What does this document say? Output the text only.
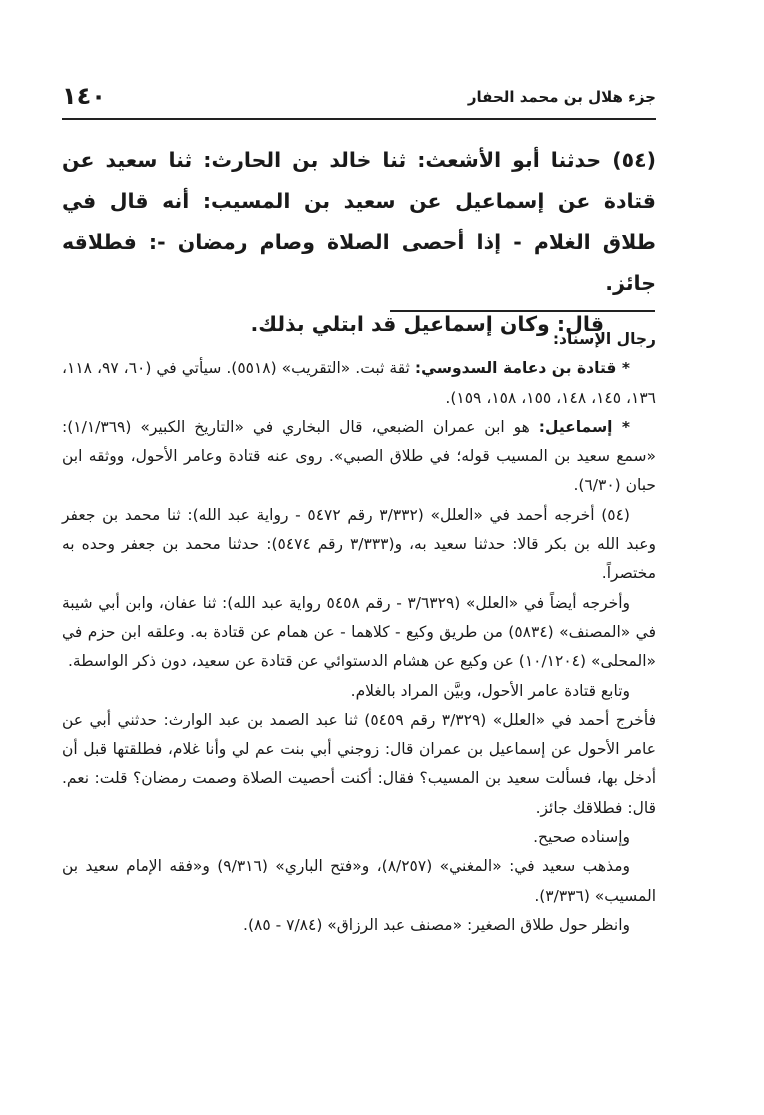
جزء هلال بن محمد الحفار
١٤٠

(٥٤) حدثنا أبو الأشعث: ثنا خالد بن الحارث: ثنا سعيد عن قتادة عن إسماعيل عن سعيد بن المسيب: أنه قال في طلاق الغلام - إذا أحصى الصلاة وصام رمضان -: فطلاقه جائز.

قال: وكان إسماعيل قد ابتلي بذلك.

رجال الإسناد:

* قتادة بن دعامة السدوسي: ثقة ثبت. «التقريب» (٥٥١٨). سيأتي في (٦٠، ٩٧، ١١٨، ١٣٦، ١٤٥، ١٤٨، ١٥٥، ١٥٨، ١٥٩).

* إسماعيل: هو ابن عمران الضبعي، قال البخاري في «التاريخ الكبير» (١/١/٣٦٩): «سمع سعيد بن المسيب قوله؛ في طلاق الصبي». روى عنه قتادة وعامر الأحول، ووثقه ابن حبان (٦/٣٠).

(٥٤) أخرجه أحمد في «العلل» (٣/٣٣٢ رقم ٥٤٧٢ - رواية عبد الله): ثنا محمد بن جعفر وعبد الله بن بكر قالا: حدثنا سعيد به، و(٣/٣٣٣ رقم ٥٤٧٤): حدثنا محمد بن جعفر وحده به مختصراً.

وأخرجه أيضاً في «العلل» (٣/٦٣٢٩ - رقم ٥٤٥٨ رواية عبد الله): ثنا عفان، وابن أبي شيبة في «المصنف» (٥٨٣٤) من طريق وكيع - كلاهما - عن همام عن قتادة به. وعلقه ابن حزم في «المحلى» (١٠/١٢٠٤) عن وكيع عن هشام الدستوائي عن قتادة عن سعيد، دون ذكر الواسطة.

وتابع قتادة عامر الأحول، وبيَّن المراد بالغلام.

فأخرج أحمد في «العلل» (٣/٣٢٩ رقم ٥٤٥٩) ثنا عبد الصمد بن عبد الوارث: حدثني أبي عن عامر الأحول عن إسماعيل بن عمران قال: زوجني أبي بنت عم لي وأنا غلام، فطلقتها قبل أن أدخل بها، فسألت سعيد بن المسيب؟ فقال: أكنت أحصيت الصلاة وصمت رمضان؟ قلت: نعم. قال: فطلاقك جائز.

وإسناده صحيح.

ومذهب سعيد في: «المغني» (٨/٢٥٧)، و«فتح الباري» (٩/٣١٦) و«فقه الإمام سعيد بن المسيب» (٣/٣٣٦).

وانظر حول طلاق الصغير: «مصنف عبد الرزاق» (٧/٨٤ - ٨٥).
